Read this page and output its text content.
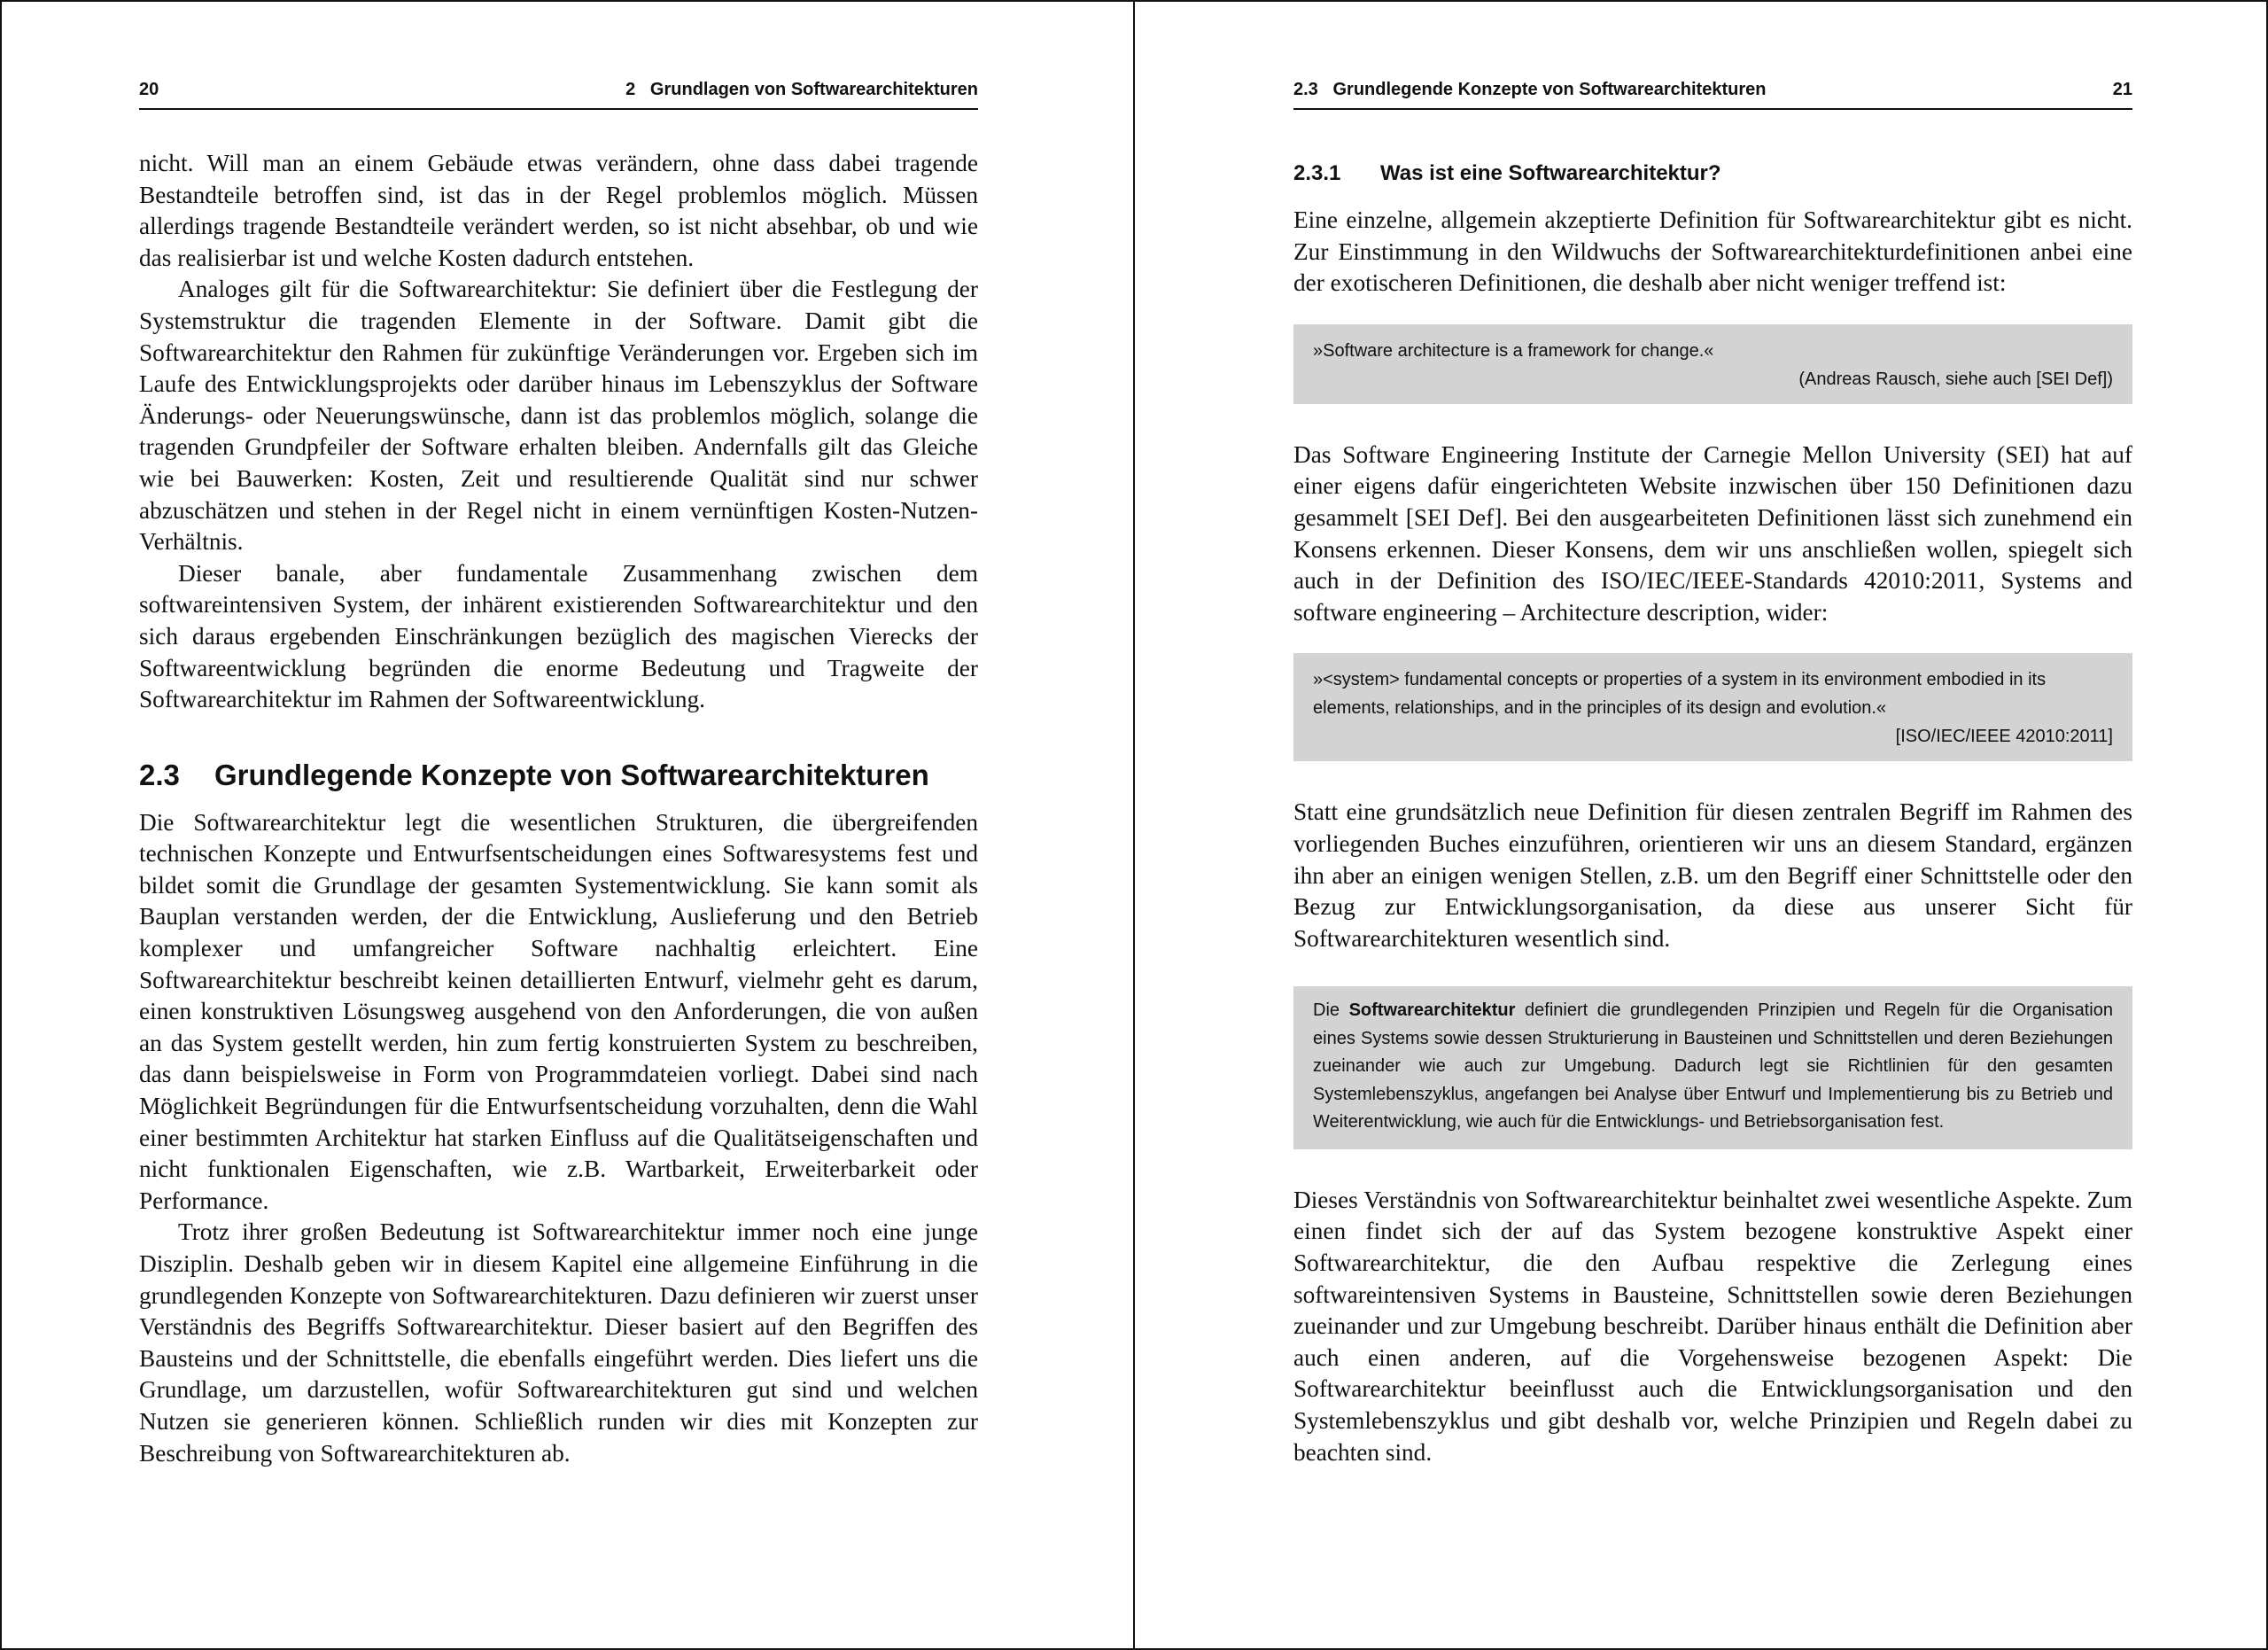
20	2   Grundlagen von Softwarearchitekturen

nicht. Will man an einem Gebäude etwas verändern, ohne dass dabei tragende Bestandteile betroffen sind, ist das in der Regel problemlos möglich. Müssen allerdings tragende Bestandteile verändert werden, so ist nicht absehbar, ob und wie das realisierbar ist und welche Kosten dadurch entstehen.

Analoges gilt für die Softwarearchitektur: Sie definiert über die Festlegung der Systemstruktur die tragenden Elemente in der Software. Damit gibt die Softwarearchitektur den Rahmen für zukünftige Veränderungen vor. Ergeben sich im Laufe des Entwicklungsprojekts oder darüber hinaus im Lebenszyklus der Software Änderungs- oder Neuerungswünsche, dann ist das problemlos möglich, solange die tragenden Grundpfeiler der Software erhalten bleiben. Andernfalls gilt das Gleiche wie bei Bauwerken: Kosten, Zeit und resultierende Qualität sind nur schwer abzuschätzen und stehen in der Regel nicht in einem vernünftigen Kosten-Nutzen-Verhältnis.

Dieser banale, aber fundamentale Zusammenhang zwischen dem softwareintensiven System, der inhärent existierenden Softwarearchitektur und den sich daraus ergebenden Einschränkungen bezüglich des magischen Vierecks der Softwareentwicklung begründen die enorme Bedeutung und Tragweite der Softwarearchitektur im Rahmen der Softwareentwicklung.

2.3	Grundlegende Konzepte von Softwarearchitekturen

Die Softwarearchitektur legt die wesentlichen Strukturen, die übergreifenden technischen Konzepte und Entwurfsentscheidungen eines Softwaresystems fest und bildet somit die Grundlage der gesamten Systementwicklung. Sie kann somit als Bauplan verstanden werden, der die Entwicklung, Auslieferung und den Betrieb komplexer und umfangreicher Software nachhaltig erleichtert. Eine Softwarearchitektur beschreibt keinen detaillierten Entwurf, vielmehr geht es darum, einen konstruktiven Lösungsweg ausgehend von den Anforderungen, die von außen an das System gestellt werden, hin zum fertig konstruierten System zu beschreiben, das dann beispielsweise in Form von Programmdateien vorliegt. Dabei sind nach Möglichkeit Begründungen für die Entwurfsentscheidung vorzuhalten, denn die Wahl einer bestimmten Architektur hat starken Einfluss auf die Qualitätseigenschaften und nicht funktionalen Eigenschaften, wie z.B. Wartbarkeit, Erweiterbarkeit oder Performance.

Trotz ihrer großen Bedeutung ist Softwarearchitektur immer noch eine junge Disziplin. Deshalb geben wir in diesem Kapitel eine allgemeine Einführung in die grundlegenden Konzepte von Softwarearchitekturen. Dazu definieren wir zuerst unser Verständnis des Begriffs Softwarearchitektur. Dieser basiert auf den Begriffen des Bausteins und der Schnittstelle, die ebenfalls eingeführt werden. Dies liefert uns die Grundlage, um darzustellen, wofür Softwarearchitekturen gut sind und welchen Nutzen sie generieren können. Schließlich runden wir dies mit Konzepten zur Beschreibung von Softwarearchitekturen ab.

2.3   Grundlegende Konzepte von Softwarearchitekturen	21
2.3.1	Was ist eine Softwarearchitektur?

Eine einzelne, allgemein akzeptierte Definition für Softwarearchitektur gibt es nicht. Zur Einstimmung in den Wildwuchs der Softwarearchitekturdefinitionen anbei eine der exotischeren Definitionen, die deshalb aber nicht weniger treffend ist:

»Software architecture is a framework for change.«
(Andreas Rausch, siehe auch [SEI Def])

Das Software Engineering Institute der Carnegie Mellon University (SEI) hat auf einer eigens dafür eingerichteten Website inzwischen über 150 Definitionen dazu gesammelt [SEI Def]. Bei den ausgearbeiteten Definitionen lässt sich zunehmend ein Konsens erkennen. Dieser Konsens, dem wir uns anschließen wollen, spiegelt sich auch in der Definition des ISO/IEC/IEEE-Standards 42010:2011, Systems and software engineering – Architecture description, wider:

»<system> fundamental concepts or properties of a system in its environment embodied in its elements, relationships, and in the principles of its design and evolution.«
[ISO/IEC/IEEE 42010:2011]

Statt eine grundsätzlich neue Definition für diesen zentralen Begriff im Rahmen des vorliegenden Buches einzuführen, orientieren wir uns an diesem Standard, ergänzen ihn aber an einigen wenigen Stellen, z.B. um den Begriff einer Schnittstelle oder den Bezug zur Entwicklungsorganisation, da diese aus unserer Sicht für Softwarearchitekturen wesentlich sind.

Die Softwarearchitektur definiert die grundlegenden Prinzipien und Regeln für die Organisation eines Systems sowie dessen Strukturierung in Bausteinen und Schnittstellen und deren Beziehungen zueinander wie auch zur Umgebung. Dadurch legt sie Richtlinien für den gesamten Systemlebenszyklus, angefangen bei Analyse über Entwurf und Implementierung bis zu Betrieb und Weiterentwicklung, wie auch für die Entwicklungs- und Betriebsorganisation fest.

Dieses Verständnis von Softwarearchitektur beinhaltet zwei wesentliche Aspekte. Zum einen findet sich der auf das System bezogene konstruktive Aspekt einer Softwarearchitektur, die den Aufbau respektive die Zerlegung eines softwareintensiven Systems in Bausteine, Schnittstellen sowie deren Beziehungen zueinander und zur Umgebung beschreibt. Darüber hinaus enthält die Definition aber auch einen anderen, auf die Vorgehensweise bezogenen Aspekt: Die Softwarearchitektur beeinflusst auch die Entwicklungsorganisation und den Systemlebenszyklus und gibt deshalb vor, welche Prinzipien und Regeln dabei zu beachten sind.
